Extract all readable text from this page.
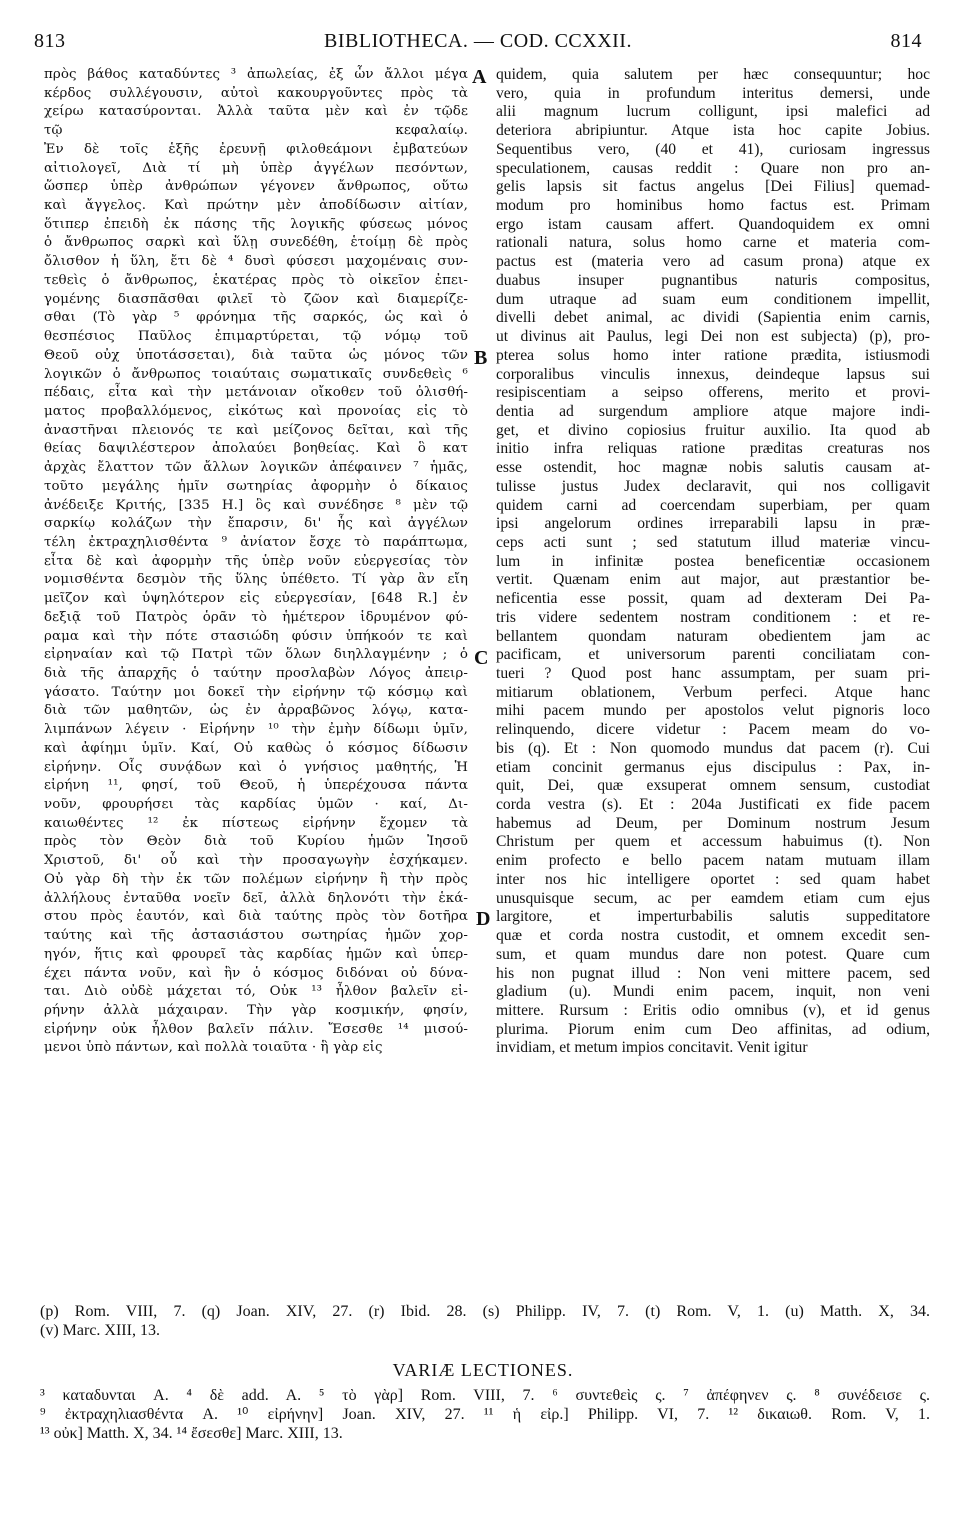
813	BIBLIOTHECA. — COD. CCXXII.	814
πρὸς βάθος καταδύντες ³ ἀπωλείας, ἐξ ὧν ἄλλοι μέγα
κέρδος συλλέγουσιν, αὐτοὶ κακουργοῦντες πρὸς τὰ
χείρω κατασύρονται. Ἀλλὰ ταῦτα μὲν καὶ ἐν τῷδε
τῷ κεφαλαίῳ.
Ἐν δὲ τοῖς ἑξῆς ἐρευνῇ φιλοθεάμονι ἐμβατεύων
αἰτιολογεῖ, Διὰ τί μὴ ὑπὲρ ἀγγέλων πεσόντων,
ὥσπερ ὑπὲρ ἀνθρώπων γέγονεν ἄνθρωπος, οὕτω
καὶ ἄγγελος. Καὶ πρώτην μὲν ἀποδίδωσιν αἰτίαν,
ὅτιπερ ἐπειδὴ ἐκ πάσης τῆς λογικῆς φύσεως μόνος
ὁ ἄνθρωπος σαρκὶ καὶ ὕλῃ συνεδέθη, ἑτοίμῃ δὲ πρὸς
ὄλισθον ἡ ὕλη, ἔτι δὲ ⁴ δυσὶ φύσεσι μαχομέναις συν-
τεθεὶς ὁ ἄνθρωπος, ἑκατέρας πρὸς τὸ οἰκεῖον ἐπει-
γομένης διασπᾶσθαι φιλεῖ τὸ ζῶον καὶ διαμερίζε-
σθαι (Τὸ γὰρ ⁵ φρόνημα τῆς σαρκός, ὡς καὶ ὁ
θεσπέσιος Παῦλος ἐπιμαρτύρεται, τῷ νόμῳ τοῦ
Θεοῦ οὐχ ὑποτάσσεται), διὰ ταῦτα ὡς μόνος τῶν
λογικῶν ὁ ἄνθρωπος τοιαύταις σωματικαῖς συνδεθεὶς ⁶
πέδαις, εἶτα καὶ τὴν μετάνοιαν οἴκοθεν τοῦ ὀλισθή-
ματος προβαλλόμενος, εἰκότως καὶ προνοίας εἰς τὸ
ἀναστῆναι πλειονός τε καὶ μείζονος δεῖται, καὶ τῆς
θείας δαψιλέστερον ἀπολαύει βοηθείας. Καὶ ὃ κατ
ἀρχὰς ἔλαττον τῶν ἄλλων λογικῶν ἀπέφαινεν ⁷ ἡμᾶς,
τοῦτο μεγάλης ἡμῖν σωτηρίας ἀφορμὴν ὁ δίκαιος
ἀνέδειξε Κριτής, [335 H.] ὃς καὶ συνέδησε ⁸ μὲν τῷ
σαρκίῳ κολάζων τὴν ἔπαρσιν, δι' ἧς καὶ ἀγγέλων
τέλη ἐκτραχηλισθέντα ⁹ ἀνίατον ἔσχε τὸ παράπτωμα,
εἶτα δὲ καὶ ἀφορμὴν τῆς ὑπὲρ νοῦν εὐεργεσίας τὸν
νομισθέντα δεσμὸν τῆς ὕλης ὑπέθετο. Τί γὰρ ἂν εἴη
μεῖζον καὶ ὑψηλότερον εἰς εὐεργεσίαν, [648 R.] ἐν
δεξιᾷ τοῦ Πατρὸς ὁρᾶν τὸ ἡμέτερον ἱδρυμένον φύ-
ραμα καὶ τὴν πότε στασιώδη φύσιν ὑπήκοόν τε καὶ
εἰρηναίαν καὶ τῷ Πατρὶ τῶν ὅλων διηλλαγμένην ; ὁ
διὰ τῆς ἀπαρχῆς ὁ ταύτην προσλαβὼν Λόγος ἀπειρ-
γάσατο. Ταύτην μοι δοκεῖ τὴν εἰρήνην τῷ κόσμῳ καὶ
διὰ τῶν μαθητῶν, ὡς ἐν ἀρραβῶνος λόγῳ, κατα-
λιμπάνων λέγειν · Εἰρήνην ¹⁰ τὴν ἐμὴν δίδωμι ὑμῖν,
καὶ ἀφίημι ὑμῖν. Καί, Οὐ καθὼς ὁ κόσμος δίδωσιν
εἰρήνην. Οἷς συνᾴδων καὶ ὁ γνήσιος μαθητής, Ἡ
εἰρήνη ¹¹, φησί, τοῦ Θεοῦ, ἡ ὑπερέχουσα πάντα
νοῦν, φρουρήσει τὰς καρδίας ὑμῶν · καί, Δι-
καιωθέντες ¹² ἐκ πίστεως εἰρήνην ἔχομεν τὰ
πρὸς τὸν Θεὸν διὰ τοῦ Κυρίου ἡμῶν Ἰησοῦ
Χριστοῦ, δι' οὗ καὶ τὴν προσαγωγὴν ἐσχήκαμεν.
Οὐ γὰρ δὴ τὴν ἐκ τῶν πολέμων εἰρήνην ἢ τὴν πρὸς
ἀλλήλους ἐνταῦθα νοεῖν δεῖ, ἀλλὰ δηλονότι τὴν ἑκά-
στου πρὸς ἑαυτόν, καὶ διὰ ταύτης πρὸς τὸν δοτῆρα
ταύτης καὶ τῆς ἀστασιάστου σωτηρίας ἡμῶν χορ-
ηγόν, ἥτις καὶ φρουρεῖ τὰς καρδίας ἡμῶν καὶ ὑπερ-
έχει πάντα νοῦν, καὶ ἣν ὁ κόσμος διδόναι οὐ δύνα-
ται. Διὸ οὐδὲ μάχεται τό, Οὐκ ¹³ ἦλθον βαλεῖν εἰ-
ρήνην ἀλλὰ μάχαιραν. Τὴν γὰρ κοσμικήν, φησίν,
εἰρήνην οὐκ ἦλθον βαλεῖν πάλιν. Ἔσεσθε ¹⁴ μισού-
μενοι ὑπὸ πάντων, καὶ πολλὰ τοιαῦτα · ἣ γὰρ εἰς
quidem, quia salutem per hæc consequuntur; hoc
vero, quia in profundum interitus demersi, unde
alii magnum lucrum colligunt, ipsi malefici ad
deteriora abripiuntur. Atque ista hoc capite Jobius.
Sequentibus vero, (40 et 41), curiosam ingressus
speculationem, causas reddit : Quare non pro an-
gelis lapsis sit factus angelus [Dei Filius] quemad-
modum pro hominibus homo factus est. Primam
ergo istam causam affert. Quandoquidem ex omni
rationali natura, solus homo carne et materia com-
pactus est (materia vero ad casum prona) atque ex
duabus insuper pugnantibus naturis compositus,
dum utraque ad suam eum conditionem impellit,
divelli debet animal, ac dividi (Sapientia enim carnis,
ut divinus ait Paulus, legi Dei non est subjecta) (p), pro-
pterea solus homo inter ratione prædita, istiusmodi
corporalibus vinculis innexus, deindeque lapsus sui
resipiscentiam a seipso offerens, merito et provi-
dentia ad surgendum ampliore atque majore indi-
get, et divino copiosius fruitur auxilio. Ita quod ab
initio infra reliquas ratione præditas creaturas nos
esse ostendit, hoc magnæ nobis salutis causam at-
tulisse justus Judex declaravit, qui nos colligavit
quidem carni ad coercendam superbiam, per quam
ipsi angelorum ordines irreparabili lapsu in præ-
ceps acti sunt ; sed statutum illud materiæ vincu-
lum in infinitæ postea beneficentiæ occasionem
vertit. Quænam enim aut major, aut præstantior be-
neficentia esse possit, quam ad dexteram Dei Pa-
tris videre sedentem nostram conditionem : et re-
bellantem quondam naturam obedientem jam ac
pacificam, et universorum parenti conciliatam con-
tueri ? Quod post hanc assumptam, per suam pri-
mitiarum oblationem, Verbum perfeci. Atque hanc
mihi pacem mundo per apostolos velut pignoris loco
relinquendo, dicere videtur : Pacem meam do vo-
bis (q). Et : Non quomodo mundus dat pacem (r). Cui
etiam concinit germanus ejus discipulus : Pax, in-
quit, Dei, quæ exsuperat omnem sensum, custodiat
corda vestra (s). Et : 204a Justificati ex fide pacem
habemus ad Deum, per Dominum nostrum Jesum
Christum per quem et accessum habuimus (t). Non
enim profecto e bello pacem natam mutuam illam
inter nos hic intelligere oportet : sed quam habet
unusquisque secum, ac per eamdem etiam cum ejus
largitore, et imperturbabilis salutis suppeditatore
quæ et corda nostra custodit, et omnem excedit sen-
sum, et quam mundus dare non potest. Quare cum
his non pugnat illud : Non veni mittere pacem, sed
gladium (u). Mundi enim pacem, inquit, non veni
mittere. Rursum : Eritis odio omnibus (v), et id genus
plurima. Piorum enim cum Deo affinitas, ad odium,
invidiam, et metum impios concitavit. Venit igitur
A
B
C
D
(p) Rom. VIII, 7. (q) Joan. XIV, 27. (r) Ibid. 28. (s) Philipp. IV, 7. (t) Rom. V, 1. (u) Matth. X, 34.
(v) Marc. XIII, 13.
VARIÆ LECTIONES.
³ καταδυνται A. ⁴ δὲ add. A. ⁵ τὸ γὰρ] Rom. VIII, 7. ⁶ συντεθεὶς ς. ⁷ ἀπέφηνεν ς. ⁸ συνέδεισε ς.
⁹ ἐκτραχηλιασθέντα A. ¹⁰ εἰρήνην] Joan. XIV, 27. ¹¹ ἡ εἰρ.] Philipp. VI, 7. ¹² δικαιωθ. Rom. V, 1.
¹³ οὐκ] Matth. X, 34. ¹⁴ ἔσεσθε] Marc. XIII, 13.
